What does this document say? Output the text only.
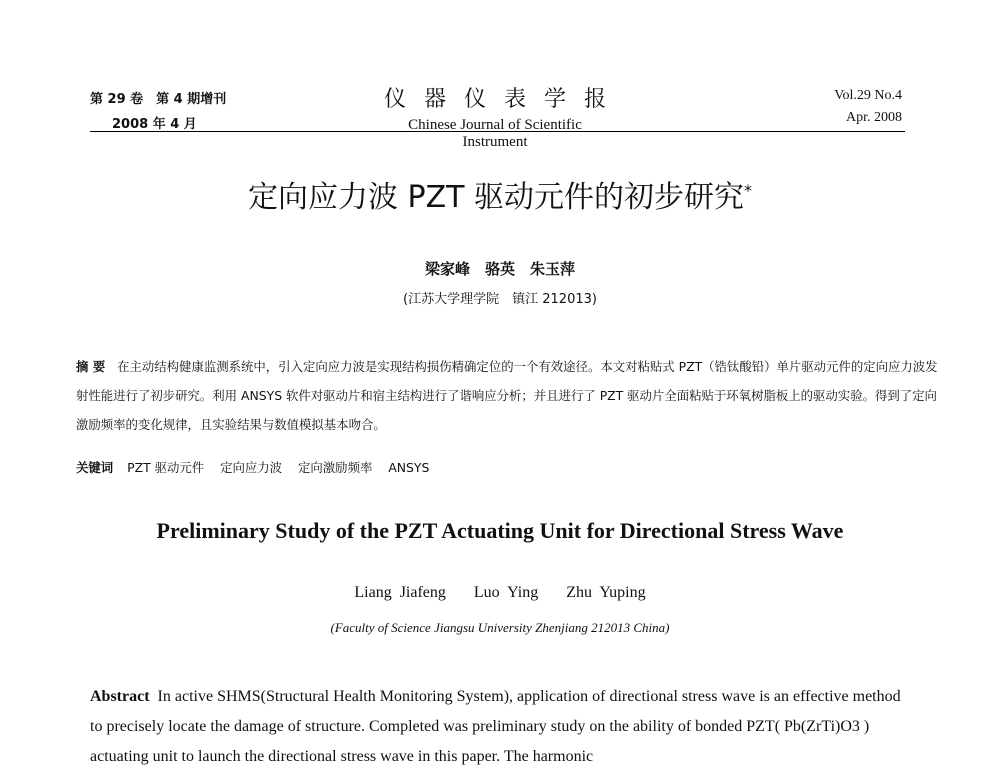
第 29 卷　第 4 期增刊
2008 年 4 月
仪器仪表学报
Chinese Journal of Scientific Instrument
Vol.29 No.4
Apr. 2008
定向应力波 PZT 驱动元件的初步研究*
梁家峰　骆英　朱玉萍
(江苏大学理学院　镇江 212013)
摘 要 在主动结构健康监测系统中，引入定向应力波是实现结构损伤精确定位的一个有效途径。本文对粘贴式 PZT（锆钛酸铅）单片驱动元件的定向应力波发射性能进行了初步研究。利用 ANSYS 软件对驱动片和宿主结构进行了谐响应分析；并且进行了 PZT 驱动片全面粘贴于环氧树脂板上的驱动实验。得到了定向激励频率的变化规律，且实验结果与数值模拟基本吻合。
关键词 PZT 驱动元件 定向应力波 定向激励频率 ANSYS
Preliminary Study of the PZT Actuating Unit for Directional Stress Wave
Liang Jiafeng Luo Ying Zhu Yuping
(Faculty of Science Jiangsu University Zhenjiang 212013 China)
Abstract In active SHMS(Structural Health Monitoring System), application of directional stress wave is an effective method to precisely locate the damage of structure. Completed was preliminary study on the ability of bonded PZT( Pb(ZrTi)O3 ) actuating unit to launch the directional stress wave in this paper. The harmonic
